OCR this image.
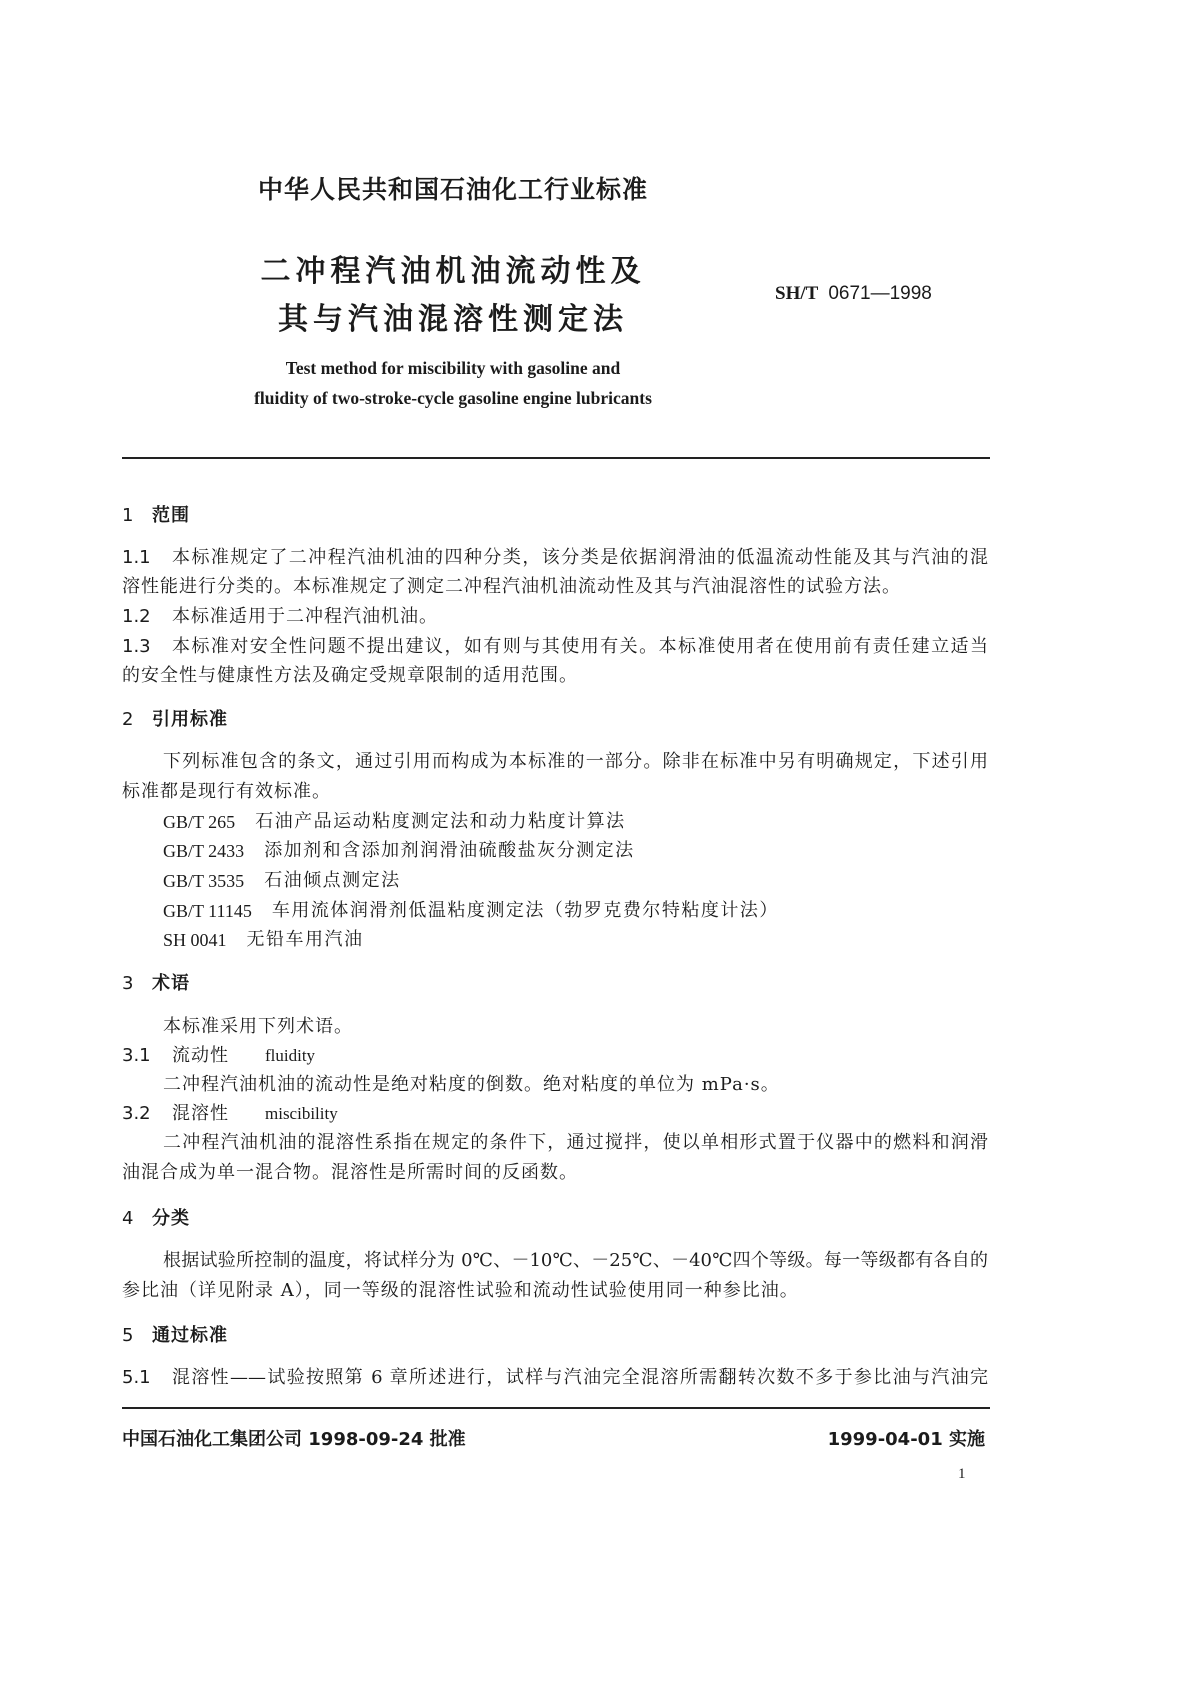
中华人民共和国石油化工行业标准
二冲程汽油机油流动性及
其与汽油混溶性测定法
SH/T 0671—1998
Test method for miscibility with gasoline and
fluidity of two-stroke-cycle gasoline engine lubricants
1 范围
1.1 本标准规定了二冲程汽油机油的四种分类，该分类是依据润滑油的低温流动性能及其与汽油的混
溶性能进行分类的。本标准规定了测定二冲程汽油机油流动性及其与汽油混溶性的试验方法。
1.2 本标准适用于二冲程汽油机油。
1.3 本标准对安全性问题不提出建议，如有则与其使用有关。本标准使用者在使用前有责任建立适当
的安全性与健康性方法及确定受规章限制的适用范围。
2 引用标准
下列标准包含的条文，通过引用而构成为本标准的一部分。除非在标准中另有明确规定，下述引用
标准都是现行有效标准。
GB/T 265 石油产品运动粘度测定法和动力粘度计算法
GB/T 2433 添加剂和含添加剂润滑油硫酸盐灰分测定法
GB/T 3535 石油倾点测定法
GB/T 11145 车用流体润滑剂低温粘度测定法（勃罗克费尔特粘度计法）
SH 0041 无铅车用汽油
3 术语
本标准采用下列术语。
3.1 流动性 fluidity
二冲程汽油机油的流动性是绝对粘度的倒数。绝对粘度的单位为 mPa·s。
3.2 混溶性 miscibility
二冲程汽油机油的混溶性系指在规定的条件下，通过搅拌，使以单相形式置于仪器中的燃料和润滑
油混合成为单一混合物。混溶性是所需时间的反函数。
4 分类
根据试验所控制的温度，将试样分为 0℃、－10℃、－25℃、－40℃四个等级。每一等级都有各自的
参比油（详见附录 A），同一等级的混溶性试验和流动性试验使用同一种参比油。
5 通过标准
5.1 混溶性——试验按照第 6 章所述进行，试样与汽油完全混溶所需翻转次数不多于参比油与汽油完
中国石油化工集团公司 1998-09-24 批准	1999-04-01 实施
1
